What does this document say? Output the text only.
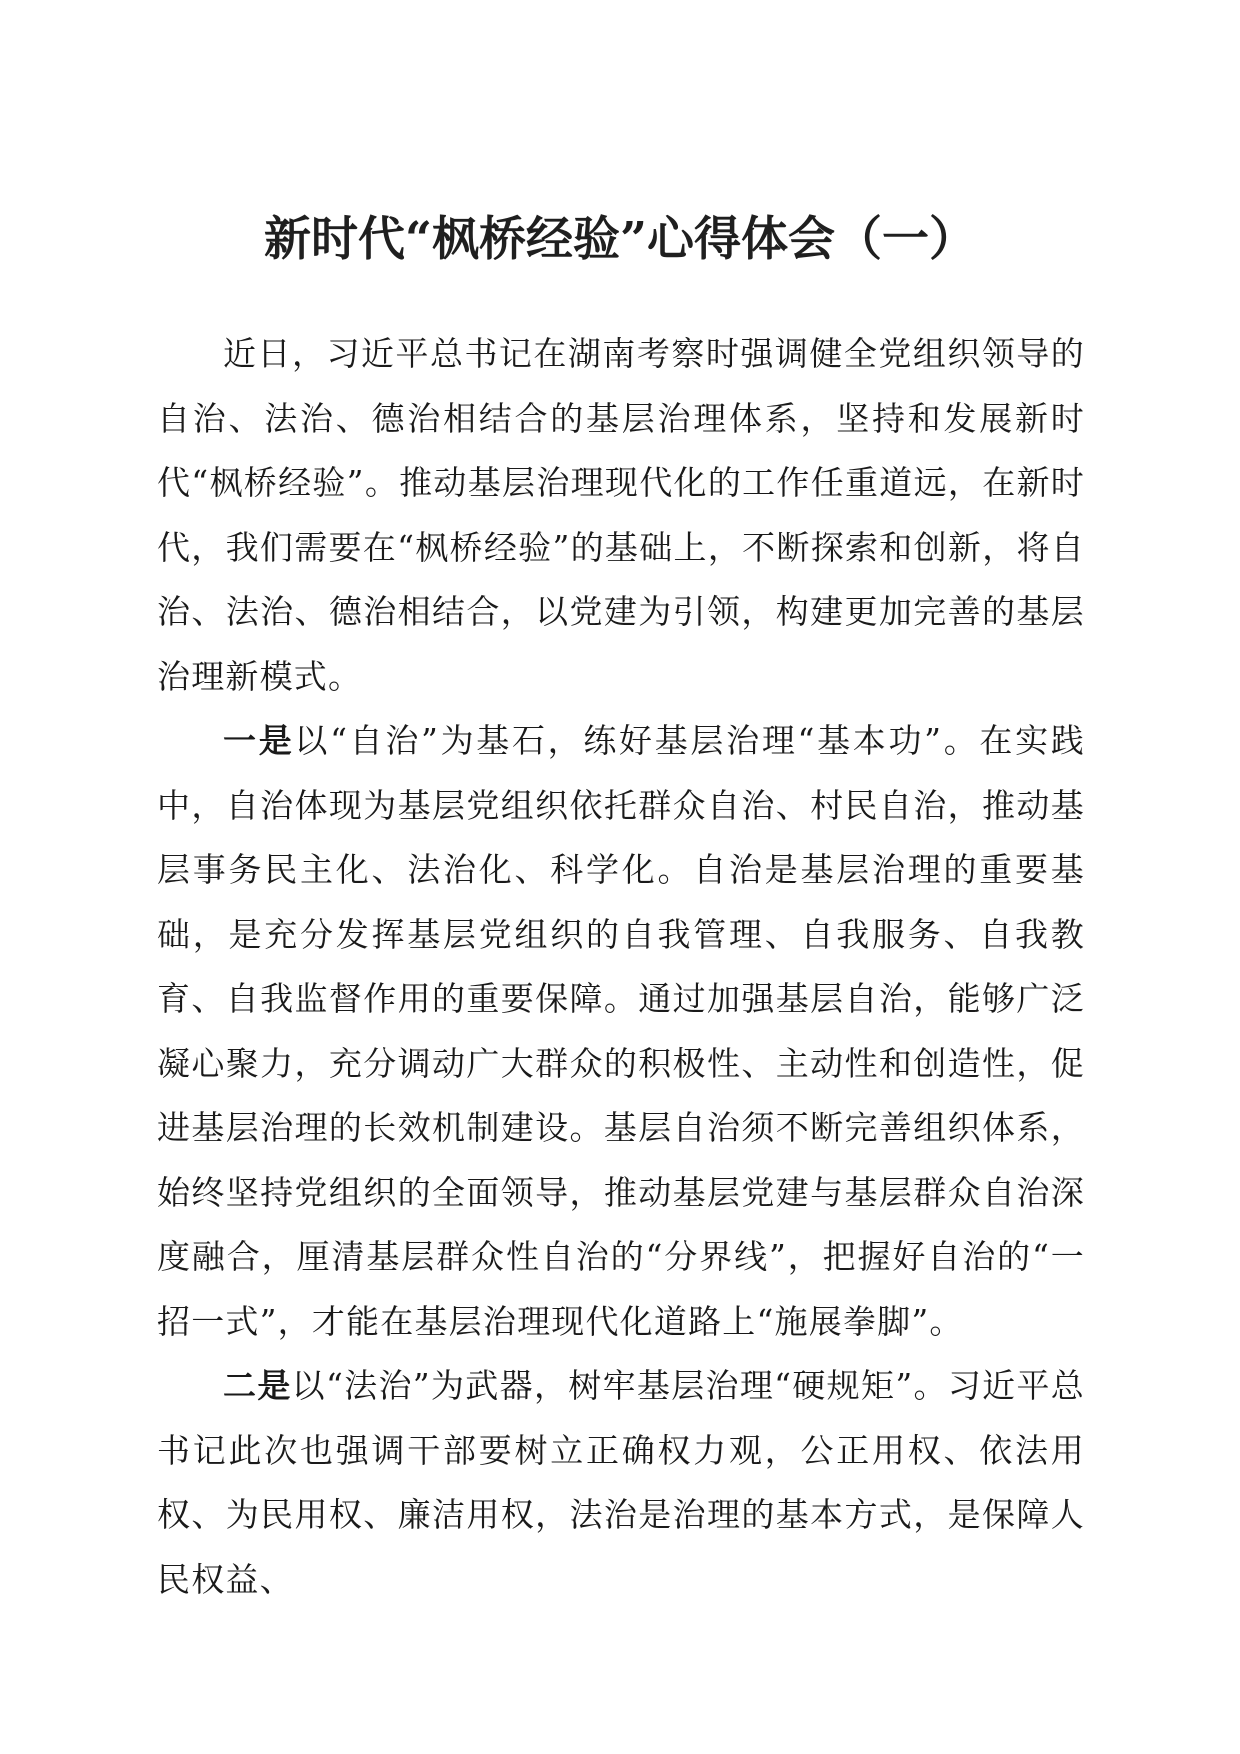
新时代“枫桥经验”心得体会（一）

近日，习近平总书记在湖南考察时强调健全党组织领导的自治、法治、德治相结合的基层治理体系，坚持和发展新时代“枫桥经验”。推动基层治理现代化的工作任重道远，在新时代，我们需要在“枫桥经验”的基础上，不断探索和创新，将自治、法治、德治相结合，以党建为引领，构建更加完善的基层治理新模式。

一是以“自治”为基石，练好基层治理“基本功”。在实践中，自治体现为基层党组织依托群众自治、村民自治，推动基层事务民主化、法治化、科学化。自治是基层治理的重要基础，是充分发挥基层党组织的自我管理、自我服务、自我教育、自我监督作用的重要保障。通过加强基层自治，能够广泛凝心聚力，充分调动广大群众的积极性、主动性和创造性，促进基层治理的长效机制建设。基层自治须不断完善组织体系，始终坚持党组织的全面领导，推动基层党建与基层群众自治深度融合，厘清基层群众性自治的“分界线”，把握好自治的“一招一式”，才能在基层治理现代化道路上“施展拳脚”。

二是以“法治”为武器，树牢基层治理“硬规矩”。习近平总书记此次也强调干部要树立正确权力观，公正用权、依法用权、为民用权、廉洁用权，法治是治理的基本方式，是保障人民权益、
